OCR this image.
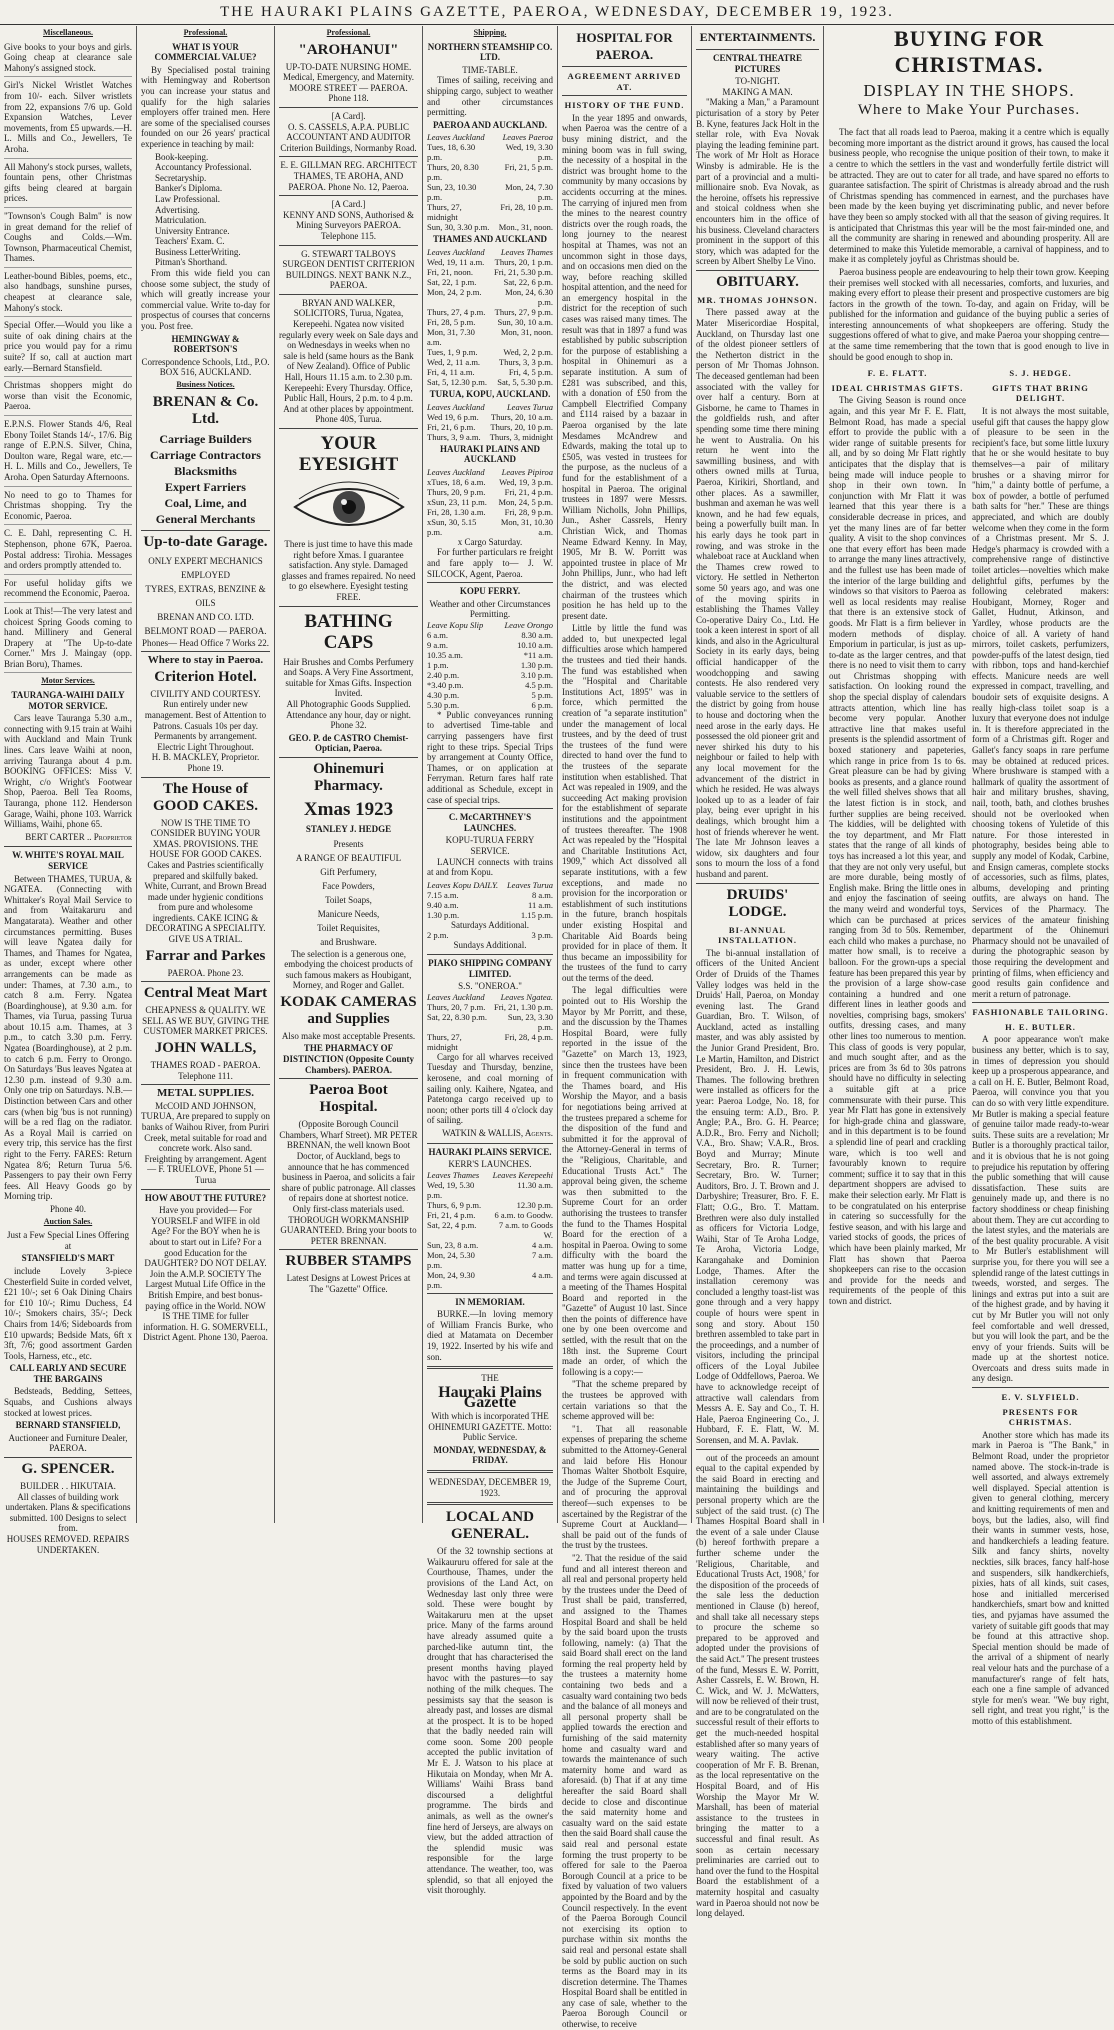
THE HAURAKI PLAINS GAZETTE, PAEROA, WEDNESDAY, DECEMBER 19, 1923.
Miscellaneous.
Give books to your boys and girls. Going cheap at clearance sale Mahony's assigned stock.
Girl's Nickel Wristlet Watches from 10/- each. Silver wristlets from 22, expansions 7/6 up. Gold Expansion Watches, Lever movements, from £5 upwards.—H. L. Mills and Co., Jewellers, Te Aroha.
All Mahony's stock purses, wallets, fountain pens, other Christmas gifts being cleared at bargain prices.
"Townson's Cough Balm" is now in great demand for the relief of Coughs and Colds.—Wm. Townson, Pharmaceutical Chemist, Thames.
Leather-bound Bibles, poems, etc., also handbags, sunshine purses, cheapest at clearance sale, Mahony's stock.
Special Offer.—Would you like a suite of oak dining chairs at the price you would pay for a rimu suite? If so, call at auction mart early.—Bernard Stansfield.
Christmas shoppers might do worse than visit the Economic, Paeroa.
E.P.N.S. Flower Stands 4/6, Real Ebony Toilet Stands 14/-, 17/6. Big range of E.P.N.S. Silver, China, Doulton ware, Regal ware, etc.—H. L. Mills and Co., Jewellers, Te Aroha. Open Saturday Afternoons.
No need to go to Thames for Christmas shopping. Try the Economic, Paeroa.
C. E. Dahl, representing C. H. Stephenson, phone 67K, Paeroa. Postal address: Tirohia. Messages and orders promptly attended to.
For useful holiday gifts we recommend the Economic, Paeroa.
Look at This!—The very latest and choicest Spring Goods coming to hand. Millinery and General Drapery at "The Up-to-date Corner." Mrs J. Maingay (opp. Brian Boru), Thames.
Motor Services.
TAURANGA-WAIHI DAILY MOTOR SERVICE.
Cars leave Tauranga 5.30 a.m., connecting with 9.15 train at Waihi with Auckland and Main Trunk lines. Cars leave Waihi at noon, arriving Tauranga about 4 p.m. BOOKING OFFICES: Miss V. Wright, c/o Wright's Footwear Shop, Paeroa. Bell Tea Rooms, Tauranga, phone 112. Henderson Garage, Waihi, phone 103. Warrick Williams, Waihi, phone 65.
BERT CARTER .. Proprietor
W. WHITE'S ROYAL MAIL SERVICE
Between THAMES, TURUA, & NGATEA. (Connecting with Whittaker's Royal Mail Service to and from Waitakaruru and Mangatarata). Weather and other circumstances permitting. Buses will leave Ngatea daily for Thames, and Thames for Ngatea, as under, except where other arrangements can be made as under: Thames, at 7.30 a.m., to catch 8 a.m. Ferry. Ngatea (Boardinghouse), at 9.30 a.m. for Thames, via Turua, passing Turua about 10.15 a.m. Thames, at 3 p.m., to catch 3.30 p.m. Ferry. Ngatea (Boardinghouse), at 2 p.m. to catch 6 p.m. Ferry to Orongo. On Saturdays 'Bus leaves Ngatea at 12.30 p.m. instead of 9.30 a.m. Only one trip on Saturdays. N.B.—Distinction between Cars and other cars (when big 'bus is not running) will be a red flag on the radiator. As a Royal Mail is carried on every trip, this service has the first right to the Ferry. FARES: Return Ngatea 8/6; Return Turua 5/6. Passengers to pay their own Ferry fees. All Heavy Goods go by Morning trip.
Phone 40.
Auction Sales.
Just a Few Special Lines Offering at
STANSFIELD'S MART
include Lovely 3-piece Chesterfield Suite in corded velvet, £21 10/-; set 6 Oak Dining Chairs for £10 10/-; Rimu Duchess, £4 10/-; Smokers chairs, 35/-; Deck Chairs from 14/6; Sideboards from £10 upwards; Bedside Mats, 6ft x 3ft, 7/6; good assortment Garden Tools, Harness, etc., etc.
CALL EARLY AND SECURE THE BARGAINS
Bedsteads, Bedding, Settees, Squabs, and Cushions always stocked at lowest prices.
BERNARD STANSFIELD,
Auctioneer and Furniture Dealer, PAEROA.
G. SPENCER.
BUILDER . . HIKUTAIA.
All classes of building work undertaken. Plans & specifications submitted. 100 Designs to select from.
HOUSES REMOVED. REPAIRS UNDERTAKEN.
Professional.
WHAT IS YOUR COMMERCIAL VALUE?
By Specialised postal training with Hemingway and Robertson you can increase your status and qualify for the high salaries employers offer trained men. Here are some of the specialised courses founded on our 26 years' practical experience in teaching by mail:
Book-keeping.
Accountancy Professional.
Secretaryship.
Banker's Diploma.
Law Professional.
Advertising.
Matriculation.
University Entrance.
Teachers' Exam. C.
Business LetterWriting.
Pitman's Shorthand.
From this wide field you can choose some subject, the study of which will greatly increase your commercial value. Write to-day for prospectus of courses that concerns you. Post free.
HEMINGWAY & ROBERTSON'S
Correspondence Schools, Ltd., P.O. BOX 516, AUCKLAND.
Business Notices.
BRENAN & Co. Ltd.
Carriage Builders
Carriage Contractors
Blacksmiths
Expert Farriers
Coal, Lime, and
General Merchants
Up-to-date Garage.
ONLY EXPERT MECHANICS EMPLOYED
TYRES, EXTRAS, BENZINE & OILS
BRENAN AND CO. LTD.
BELMONT ROAD — PAEROA.
Phones— Head Office 7 Works 22.
Where to stay in Paeroa.
Criterion Hotel.
CIVILITY AND COURTESY.
Run entirely under new management. Best of Attention to Patrons. Casuals 10s per day. Permanents by arrangement. Electric Light Throughout.
H. B. MACKLEY, Proprietor. Phone 19.
The House of GOOD CAKES.
NOW IS THE TIME TO CONSIDER BUYING YOUR XMAS. PROVISIONS. THE HOUSE FOR GOOD CAKES. Cakes and Pastries scientifically prepared and skilfully baked. White, Currant, and Brown Bread made under hygienic conditions from pure and wholesome ingredients. CAKE ICING & DECORATING A SPECIALITY. GIVE US A TRIAL.
Farrar and Parkes
PAEROA. Phone 23.
Central Meat Mart
CHEAPNESS & QUALITY. WE SELL AS WE BUY, GIVING THE CUSTOMER MARKET PRICES.
JOHN WALLS,
THAMES ROAD - PAEROA. Telephone 111.
METAL SUPPLIES.
McCOID AND JOHNSON, TURUA, Are prepared to supply on banks of Waihou River, from Puriri Creek, metal suitable for road and concrete work. Also sand. Freighting by arrangement. Agent— F. TRUELOVE, Phone 51 — Turua
HOW ABOUT THE FUTURE?
Have you provided— For YOURSELF and WIFE in old Age? For the BOY when he is about to start out in Life? For a good Education for the DAUGHTER? DO NOT DELAY. Join the A.M.P. SOCIETY The Largest Mutual Life Office in the British Empire, and best bonus-paying office in the World. NOW IS THE TIME for fuller information. H. G. SOMERVELL, District Agent. Phone 130, Paeroa.
Professional.
"AROHANUI"
UP-TO-DATE NURSING HOME. Medical, Emergency, and Maternity. MOORE STREET — PAEROA. Phone 118.
[A Card].
O. S. CASSELS, A.P.A. PUBLIC ACCOUNTANT AND AUDITOR Criterion Buildings, Normanby Road.
E. E. GILLMAN REG. ARCHITECT THAMES, TE AROHA, AND PAEROA. Phone No. 12, Paeroa.
[A Card.]
KENNY AND SONS, Authorised & Mining Surveyors PAEROA. Telephone 115.
G. STEWART TALBOYS SURGEON DENTIST CRITERION BUILDINGS. NEXT BANK N.Z., PAEROA.
BRYAN AND WALKER, SOLICITORS, Turua, Ngatea, Kerepeehi. Ngatea now visited regularly every week on Sale days and on Wednesdays in weeks when no sale is held (same hours as the Bank of New Zealand). Office of Public Hall, Hours 11.15 a.m. to 2.30 p.m. Kerepeehi: Every Thursday. Office, Public Hall, Hours, 2 p.m. to 4 p.m. And at other places by appointment. Phone 40S, Turua.
YOUR EYESIGHT
There is just time to have this made right before Xmas. I guarantee satisfaction. Any style. Damaged glasses and frames repaired. No need to go elsewhere. Eyesight testing FREE.
BATHING CAPS
Hair Brushes and Combs Perfumery and Soaps. A Very Fine Assortment, suitable for Xmas Gifts. Inspection Invited.
All Photographic Goods Supplied. Attendance any hour, day or night. Phone 32.
GEO. P. de CASTRO Chemist-Optician, Paeroa.
Ohinemuri Pharmacy.
Xmas 1923
STANLEY J. HEDGE
Presents
A RANGE OF BEAUTIFUL
Gift Perfumery,
Face Powders,
Toilet Soaps,
Manicure Needs,
Toilet Requisites,
and Brushware.
The selection is a generous one, embodying the choicest products of such famous makers as Houbigant, Morney, and Roger and Gallet.
KODAK CAMERAS and Supplies
Also make most acceptable Presents.
THE PHARMACY OF DISTINCTION (Opposite County Chambers). PAEROA.
Paeroa Boot Hospital.
(Opposite Borough Council Chambers, Wharf Street). MR PETER BRENNAN, the well known Boot Doctor, of Auckland, begs to announce that he has commenced business in Paeroa, and solicits a fair share of public patronage. All classes of repairs done at shortest notice. Only first-class materials used. THOROUGH WORKMANSHIP GUARANTEED. Bring your boots to PETER BRENNAN.
RUBBER STAMPS
Latest Designs at Lowest Prices at The "Gazette" Office.
Shipping.
NORTHERN STEAMSHIP CO. LTD.
TIME-TABLE.
Times of sailing, receiving and shipping cargo, subject to weather and other circumstances permitting.
PAEROA AND AUCKLAND.
Leaves Auckland	Leaves Paeroa
Tues, 18, 6.30 p.m.	Wed, 19, 3.30 p.m.
Thurs, 20, 8.30 p.m.	Fri, 21, 5 p.m.
Sun, 23, 10.30 p.m.	Mon, 24, 7.30 p.m.
Thurs, 27, midnight	Fri, 28, 10 p.m.
Sun, 30, 3.30 p.m.	Mon., 31, noon.
THAMES AND AUCKLAND
Leaves Auckland	Leaves Thames
Wed, 19, 11 a.m.	Thurs, 20, 1 p.m.
Fri, 21, noon.	Fri, 21, 5.30 p.m.
Sat, 22, 1 p.m.	Sat, 22, 6 p.m.
Mon, 24, 2 p.m.	Mon, 24, 6.30 p.m.
Thurs, 27, 4 p.m.	Thurs, 27, 9 p.m.
Fri, 28, 5 p.m.	Sun, 30, 10 a.m.
Mon, 31, 7.30 a.m.	Mon, 31, noon.
Tues, 1, 9 p.m.	Wed, 2, 2 p.m.
Wed, 2, 11 a.m.	Thurs, 3, 3 p.m.
Fri, 4, 11 a.m.	Fri, 4, 5 p.m.
Sat, 5, 12.30 p.m.	Sat, 5, 5.30 p.m.
TURUA, KOPU, AUCKLAND.
Leaves Auckland	Leaves Turua
Wed 19, 6 p.m.	Thurs, 20, 10 a.m.
Fri, 21, 6 p.m.	Thurs, 20, 10 p.m.
Thurs, 3, 9 a.m.	Thurs, 3, midnight
HAURAKI PLAINS AND AUCKLAND
Leaves Auckland	Leaves Pipiroa
xTues, 18, 6 a.m.	Wed, 19, 3 p.m.
Thurs, 20, 9 p.m.	Fri, 21, 4 p.m.
xSun, 23, 11 p.m.	Mon, 24, 5 p.m.
Fri, 28, 1.30 a.m.	Fri, 28, 9 p.m.
xSun, 30, 5.15 p.m.	Mon, 31, 10.30 a.m.
x Cargo Saturday.
For further particulars re freight and fare apply to— J. W. SILCOCK, Agent, Paeroa.
KOPU FERRY.
Weather and other Circumstances Permitting.
Leave Kopu Slip	Leave Orongo
6 a.m.	8.30 a.m.
9 a.m.	10.10 a.m.
10.35 a.m.	*11 a.m.
1 p.m.	1.30 p.m.
2.40 p.m.	3.10 p.m.
*3.40 p.m.	4.5 p.m.
4.30 p.m.	5 p.m.
5.30 p.m.	6 p.m.
* Public conveyances running to advertised Time-table and carrying passengers have first right to these trips. Special Trips by arrangement at County Office, Thames, or on application at Ferryman. Return fares half rate additional as Schedule, except in case of special trips.
C. McCARTHNEY'S LAUNCHES.
KOPU-TURUA FERRY SERVICE.
LAUNCH connects with trains at and from Kopu.
Leaves Kopu DAILY.	Leaves Turua
7.15 a.m.	8 a.m.
9.40 a.m.	11 a.m.
1.30 p.m.	1.15 p.m.
Saturdays Additional.
2 p.m.	3 p.m.
Sundays Additional.
PIAKO SHIPPING COMPANY LIMITED.
S.S. "ONEROA."
Leaves Auckland	Leaves Ngatea.
Thurs, 20, 7 p.m.	Fri, 21, 1.30 p.m.
Sat, 22, 8.30 p.m.	Sun, 23, 3.30 p.m.
Thurs, 27, midnight	Fri, 28, 4 p.m.
Cargo for all wharves received Tuesday and Thursday, benzine, kerosene, and coal morning of sailing only. Kaihere, Ngatea, and Patetonga cargo received up to noon; other ports till 4 o'clock day of sailing.
WATKIN & WALLIS, Agents.
HAURAKI PLAINS SERVICE.
KERR'S LAUNCHES.
Leaves Thames	Leaves Kerepeehi
Wed, 19, 5.30 p.m.	11.30 a.m.
Thurs, 6, 9 p.m.	12.30 p.m.
Fri, 21, 4 p.m.	6 a.m. to Goodw.
Sat, 22, 4 p.m.	7 a.m. to Goods W.
Sun, 23, 8 a.m.	4 a.m.
Mon, 24, 5.30 p.m.	7 a.m.
Mon, 24, 9.30 p.m.	4 a.m.
IN MEMORIAM.
BURKE.—In loving memory of William Francis Burke, who died at Matamata on December 19, 1922. Inserted by his wife and son.
THE
Hauraki Plains Gazette
With which is incorporated THE OHINEMURI GAZETTE. Motto: Public Service.
MONDAY, WEDNESDAY, & FRIDAY.
WEDNESDAY, DECEMBER 19, 1923.
LOCAL AND GENERAL.
Of the 32 township sections at Waikaururu offered for sale at the Courthouse, Thames, under the provisions of the Land Act, on Wednesday last only three were sold. These were bought by Waitakaruru men at the upset price. Many of the farms around have already assumed quite a parched-like autumn tint, the drought that has characterised the present months having played havoc with the pastures—to say nothing of the milk cheques. The pessimists say that the season is already past, and losses are dismal at the prospect. It is to be hoped that the badly needed rain will come soon. Some 200 people accepted the public invitation of Mr E. J. Watson to his place at Hikutaia on Monday, when Mr A. Williams' Waihi Brass band discoursed a delightful programme. The birds and animals, as well as the owner's fine herd of Jerseys, are always on view, but the added attraction of the splendid music was responsible for the large attendance. The weather, too, was splendid, so that all enjoyed the visit thoroughly.
HOSPITAL FOR PAEROA.
AGREEMENT ARRIVED AT.
HISTORY OF THE FUND.
In the year 1895 and onwards, when Paeroa was the centre of a busy mining district, and the mining boom was in full swing, the necessity of a hospital in the district was brought home to the community by many occasions by accidents occurring at the mines. The carrying of injured men from the mines to the nearest country districts over the rough roads, the long journey to the nearest hospital at Thames, was not an uncommon sight in those days, and on occasions men died on the way, before reaching skilled hospital attention, and the need for an emergency hospital in the district for the reception of such cases was raised many times. The result was that in 1897 a fund was established by public subscription for the purpose of establishing a hospital in Ohinemuri as a separate institution. A sum of £281 was subscribed, and this, with a donation of £50 from the Campbell Electrified Company and £114 raised by a bazaar in Paeroa organised by the late Mesdames McAndrew and Edwards, making the total up to £505, was vested in trustees for the purpose, as the nucleus of a fund for the establishment of a hospital in Paeroa. The original trustees in 1897 were Messrs. William Nicholls, John Phillips, Jun., Asher Cassrels, Henry Christian Wick, and Thomas Neame Edward Kenny. In May, 1905, Mr B. W. Porritt was appointed trustee in place of Mr John Phillips, Junr., who had left the district, and was elected chairman of the trustees which position he has held up to the present date.
Little by little the fund was added to, but unexpected legal difficulties arose which hampered the trustees and tied their hands. The fund was established when the "Hospital and Charitable Institutions Act, 1895" was in force, which permitted the creation of "a separate institution" under the management of local trustees, and by the deed of trust the trustees of the fund were directed to hand over the fund to the trustees of the separate institution when established. That Act was repealed in 1909, and the succeeding Act making provision for the establishment of separate institutions and the appointment of trustees thereafter. The 1908 Act was repealed by the "Hospital and Charitable Institutions Act, 1909," which Act dissolved all separate institutions, with a few exceptions, and made no provision for the incorporation or establishment of such institutions in the future, branch hospitals under existing Hospital and Charitable Aid Boards being provided for in place of them. It thus became an impossibility for the trustees of the fund to carry out the terms of the deed.
The legal difficulties were pointed out to His Worship the Mayor by Mr Porritt, and these, and the discussion by the Thames Hospital Board, were fully reported in the issue of the "Gazette" on March 13, 1923, since then the trustees have been in frequent communication with the Thames board, and His Worship the Mayor, and a basis for negotiations being arrived at the trustees prepared a scheme for the disposition of the fund and submitted it for the approval of the Attorney-General in terms of the "Religious, Charitable, and Educational Trusts Act." The approval being given, the scheme was then submitted to the Supreme Court for an order authorising the trustees to transfer the fund to the Thames Hospital Board for the erection of a hospital in Paeroa. Owing to some difficulty with the board the matter was hung up for a time, and terms were again discussed at a meeting of the Thames Hospital Board and reported in the "Gazette" of August 10 last. Since then the points of difference have one by one been overcome and settled, with the result that on the 18th inst. the Supreme Court made an order, of which the following is a copy:—
"That the scheme prepared by the trustees be approved with certain variations so that the scheme approved will be:
"1. That all reasonable expenses of preparing the scheme submitted to the Attorney-General and laid before His Honour Thomas Walter Shotbolt Esquire, the Judge of the Supreme Court, and of procuring the approval thereof—such expenses to be ascertained by the Registrar of the Supreme Court at Auckland—shall be paid out of the funds of the trust by the trustees.
"2. That the residue of the said fund and all interest thereon and all real and personal property held by the trustees under the Deed of Trust shall be paid, transferred, and assigned to the Thames Hospital Board and shall be held by the said board upon the trusts following, namely: (a) That the said Board shall erect on the land forming the real property held by the trustees a maternity home containing two beds and a casualty ward containing two beds and the balance of all moneys and all personal property shall be applied towards the erection and furnishing of the said maternity home and casualty ward and towards the maintenance of such maternity home and ward as aforesaid. (b) That if at any time hereafter the said Board shall decide to close and discontinue the said maternity home and casualty ward on the said estate then the said Board shall cause the said real and personal estate forming the trust property to be offered for sale to the Paeroa Borough Council at a price to be fixed by valuation of two valuers appointed by the Board and by the Council respectively. In the event of the Paeroa Borough Council not exercising its option to purchase within six months the said real and personal estate shall be sold by public auction on such terms as the Board may in its discretion determine. The Thames Hospital Board shall be entitled in any case of sale, whether to the Paeroa Borough Council or otherwise, to receive
ENTERTAINMENTS.
CENTRAL THEATRE PICTURES
TO-NIGHT.
MAKING A MAN.
"Making a Man," a Paramount picturisation of a story by Peter B. Kyne, features Jack Holt in the stellar role, with Eva Novak playing the leading feminine part. The work of Mr Holt as Horace Winsby is admirable. He is the part of a provincial and a multi-millionaire snob. Eva Novak, as the heroine, offsets his repressive and stoical coldness when she encounters him in the office of his business. Cleveland characters prominent in the support of this story, which was adapted for the screen by Albert Shelby Le Vino.
OBITUARY.
MR. THOMAS JOHNSON.
There passed away at the Mater Misericordiae Hospital, Auckland, on Thursday last one of the oldest pioneer settlers of the Netherton district in the person of Mr Thomas Johnson. The deceased gentleman had been associated with the valley for over half a century. Born at Gisborne, he came to Thames in the goldfields rush, and after spending some time there mining he went to Australia. On his return he went into the sawmilling business, and with others owned mills at Turua, Paeroa, Kirikiri, Shortland, and other places. As a sawmiller, bushman and axeman he was well known, and he had few equals, being a powerfully built man. In his early days he took part in rowing, and was stroke in the whaleboat race at Auckland when the Thames crew rowed to victory. He settled in Netherton some 50 years ago, and was one of the moving spirits in establishing the Thames Valley Co-operative Dairy Co., Ltd. He took a keen interest in sport of all kinds, and also in the Agricultural Society in its early days, being official handicapper of the woodchopping and sawing contests. He also rendered very valuable service to the settlers of the district by going from house to house and doctoring when the need arose in the early days. He possessed the old pioneer grit and never shirked his duty to his neighbour or failed to help with any local movement for the advancement of the district in which he resided. He was always looked up to as a leader of fair play, being ever upright in his dealings, which brought him a host of friends wherever he went. The late Mr Johnson leaves a widow, six daughters and four sons to mourn the loss of a fond husband and parent.
DRUIDS' LODGE.
BI-ANNUAL INSTALLATION.
The bi-annual installation of officers of the United Ancient Order of Druids of the Thames Valley lodges was held in the Druids' Hall, Paeroa, on Monday evening last. The Grand Guardian, Bro. T. Wilson, of Auckland, acted as installing master, and was ably assisted by the Junior Grand President, Bro. Le Martin, Hamilton, and District President, Bro. J. H. Lewis, Thames. The following brethren were installed as officers for the year: Paeroa Lodge, No. 18, for the ensuing term: A.D., Bro. P. Angle; P.A., Bro. G. H. Pearce; A.D.R., Bro. Ferry and Nicholl; V.A., Bro. Shaw; V.A.R., Bros. Boyd and Murray; Minute Secretary, Bro. R. Turner; Secretary, Bro. W. Turner; Auditors, Bro. J. T. Brown and J. Darbyshire; Treasurer, Bro. F. E. Flatt; O.G., Bro. T. Mattam. Brethren were also duly installed as officers for Victoria Lodge, Waihi, Star of Te Aroha Lodge, Te Aroha, Victoria Lodge, Karangahake and Dominion Lodge, Thames. After the installation ceremony was concluded a lengthy toast-list was gone through and a very happy couple of hours were spent in song and story. About 150 brethren assembled to take part in the proceedings, and a number of visitors, including the principal officers of the Loyal Jubilee Lodge of Oddfellows, Paeroa. We have to acknowledge receipt of attractive wall calendars from Messrs A. E. Say and Co., T. H. Hale, Paeroa Engineering Co., J. Hubbard, F. E. Flatt, W. M. Sorensen, and M. A. Pavlak.
out of the proceeds an amount equal to the capital expended by the said Board in erecting and maintaining the buildings and personal property which are the subject of the said trust. (c) The Thames Hospital Board shall in the event of a sale under Clause (b) hereof forthwith prepare a further scheme under the 'Religious, Charitable, and Educational Trusts Act, 1908,' for the disposition of the proceeds of the sale less the deduction mentioned in Clause (b) hereof, and shall take all necessary steps to procure the scheme so prepared to be approved and adopted under the provisions of the said Act." The present trustees of the fund, Messrs E. W. Porritt, Asher Cassrels, E. W. Brown, H. C. Wick, and W. J. McWatters, will now be relieved of their trust, and are to be congratulated on the successful result of their efforts to get the much-needed hospital established after so many years of weary waiting. The active cooperation of Mr F. B. Brenan, as the local representative on the Hospital Board, and of His Worship the Mayor Mr W. Marshall, has been of material assistance to the trustees in bringing the matter to a successful and final result. As soon as certain necessary preliminaries are carried out to hand over the fund to the Hospital Board the establishment of a maternity hospital and casualty ward in Paeroa should not now be long delayed.
BUYING FOR CHRISTMAS.
DISPLAY IN THE SHOPS.
Where to Make Your Purchases.
The fact that all roads lead to Paeroa, making it a centre which is equally becoming more important as the district around it grows, has caused the local business people, who recognise the unique position of their town, to make it a centre to which the settlers in the vast and wonderfully fertile district will be attracted. They are out to cater for all trade, and have spared no efforts to guarantee satisfaction. The spirit of Christmas is already abroad and the rush of Christmas spending has commenced in earnest, and the purchases have been made by the keen buying yet discriminating public, and never before have they been so amply stocked with all that the season of giving requires. It is anticipated that Christmas this year will be the most fair-minded one, and all the community are sharing in renewed and abounding prosperity. All are determined to make this Yuletide memorable, a carnival of happiness, and to make it as completely joyful as Christmas should be.
Paeroa business people are endeavouring to help their town grow. Keeping their premises well stocked with all necessaries, comforts, and luxuries, and making every effort to please their present and prospective customers are big factors in the growth of the town. To-day, and again on Friday, will be published for the information and guidance of the buying public a series of interesting announcements of what shopkeepers are offering. Study the suggestions offered of what to give, and make Paeroa your shopping centre—at the same time remembering that the town that is good enough to live in should be good enough to shop in.
F. E. FLATT.
IDEAL CHRISTMAS GIFTS.
The Giving Season is round once again, and this year Mr F. E. Flatt, Belmont Road, has made a special effort to provide the public with a wider range of suitable presents for all, and by so doing Mr Flatt rightly anticipates that the display that is being made will induce people to shop in their own town. In conjunction with Mr Flatt it was learned that this year there is a considerable decrease in prices, and yet the many lines are of far better quality. A visit to the shop convinces one that every effort has been made to arrange the many lines attractively, and the fullest use has been made of the interior of the large building and windows so that visitors to Paeroa as well as local residents may realise that there is an extensive stock of goods. Mr Flatt is a firm believer in modern methods of display. Emporium in particular, is just as up-to-date as the larger centres, and that there is no need to visit them to carry out Christmas shopping with satisfaction. On looking round the shop the special display of calendars attracts attention, which line has become very popular. Another attractive line that makes useful presents is the splendid assortment of boxed stationery and papeteries, which range in price from 1s to 6s. Great pleasure can be had by giving books as presents, and a glance round the well filled shelves shows that all the latest fiction is in stock, and further supplies are being received. The kiddies, will be delighted with the toy department, and Mr Flatt states that the range of all kinds of toys has increased a lot this year, and that they are not only very useful, but are more durable, being mostly of English make. Bring the little ones in and enjoy the fascination of seeing the many weird and wonderful toys, which can be purchased at prices ranging from 3d to 50s. Remember, each child who makes a purchase, no matter how small, is to receive a balloon. For the grown-ups a special feature has been prepared this year by the provision of a large show-case containing a hundred and one different lines in leather goods and novelties, comprising bags, smokers' outfits, dressing cases, and many other lines too numerous to mention. This class of goods is very popular, and much sought after, and as the prices are from 3s 6d to 30s patrons should have no difficulty in selecting a suitable gift at a price commensurate with their purse. This year Mr Flatt has gone in extensively for high-grade china and glassware, and in this department is to be found a splendid line of pearl and crackling ware, which is too well and favourably known to require comment; suffice it to say that in this department shoppers are advised to make their selection early. Mr Flatt is to be congratulated on his enterprise in catering so successfully for the festive season, and with his large and varied stocks of goods, the prices of which have been plainly marked, Mr Flatt has shown that Paeroa shopkeepers can rise to the occasion and provide for the needs and requirements of the people of this town and district.
S. J. HEDGE.
GIFTS THAT BRING DELIGHT.
It is not always the most suitable, useful gift that causes the happy glow of pleasure to be seen in the recipient's face, but some little luxury that he or she would hesitate to buy themselves—a pair of military brushes or a shaving mirror for "him," a dainty bottle of perfume, a box of powder, a bottle of perfumed bath salts for "her." These are things appreciated, and which are doubly welcome when they come in the form of a Christmas present. Mr S. J. Hedge's pharmacy is crowded with a comprehensive range of distinctive toilet articles—novelties which make delightful gifts, perfumes by the following celebrated makers: Houbigant, Morney, Roger and Gallet, Hudnut, Atkinson, and Yardley, whose products are the choice of all. A variety of hand mirrors, toilet caskets, perfumizers, powder-puffs of the latest design, tied with ribbon, tops and hand-kerchief effects. Manicure needs are well expressed in compact, travelling, and boudoir sets of exquisite designs. A really high-class toilet soap is a luxury that everyone does not indulge in. It is therefore appreciated in the form of a Christmas gift. Roger and Gallet's fancy soaps in rare perfume may be obtained at reduced prices. Where brushware is stamped with a hallmark of quality the assortment of hair and military brushes, shaving, nail, tooth, bath, and clothes brushes should not be overlooked when choosing tokens of Yuletide of this nature. For those interested in photography, besides being able to supply any model of Kodak, Carbine, and Ensign cameras, complete stocks of accessories, such as films, plates, albums, developing and printing outfits, are always on hand. The Services of the Pharmacy. The services of the amateur finishing department of the Ohinemuri Pharmacy should not be unavailed of during the photographic season by those requiring the development and printing of films, when efficiency and good results gain confidence and merit a return of patronage.
FASHIONABLE TAILORING.
H. E. BUTLER.
A poor appearance won't make business any better, which is to say, in times of depression you should keep up a prosperous appearance, and a call on H. E. Butler, Belmont Road, Paeroa, will convince you that you can do so with very little expenditure. Mr Butler is making a special feature of genuine tailor made ready-to-wear suits. These suits are a revelation; Mr Butler is a thoroughly practical tailor, and it is obvious that he is not going to prejudice his reputation by offering the public something that will cause dissatisfaction. These suits are genuinely made up, and there is no factory shoddiness or cheap finishing about them. They are cut according to the latest styles, and the materials are of the best quality procurable. A visit to Mr Butler's establishment will surprise you, for there you will see a splendid range of the latest cuttings in tweeds, worsted, and serges. The linings and extras put into a suit are of the highest grade, and by having it cut by Mr Butler you will not only feel comfortable and well dressed, but you will look the part, and be the envy of your friends. Suits will be made up at the shortest notice. Overcoats and dress suits made in any design.
E. V. SLYFIELD.
PRESENTS FOR CHRISTMAS.
Another store which has made its mark in Paeroa is "The Bank," in Belmont Road, under the proprietor named above. The stock-in-trade is well assorted, and always extremely well displayed. Special attention is given to general clothing, mercery and knitting requirements of men and boys, but the ladies, also, will find their wants in summer vests, hose, and handkerchiefs a leading feature. Silk and fancy shirts, novelty neckties, silk braces, fancy half-hose and suspenders, silk handkerchiefs, pixies, hats of all kinds, suit cases, hose and initialled mercerised handkerchiefs, smart bow and knitted ties, and pyjamas have assumed the variety of suitable gift goods that may be found at this attractive shop. Special mention should be made of the arrival of a shipment of nearly real velour hats and the purchase of a manufacturer's range of felt hats, each one a fine sample of advanced style for men's wear. "We buy right, sell right, and treat you right," is the motto of this establishment.
